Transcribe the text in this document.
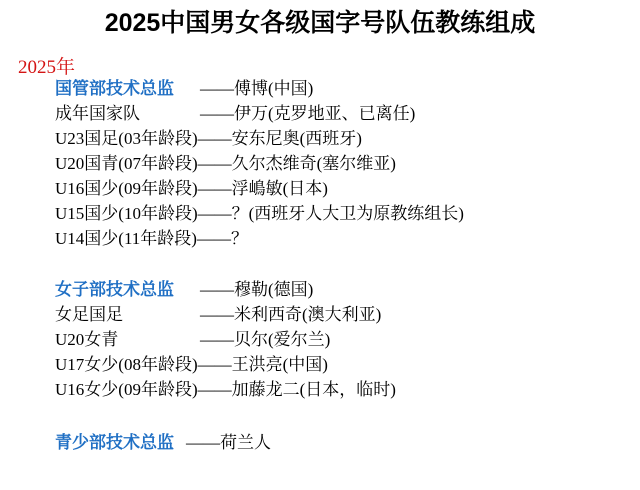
2025中国男女各级国字号队伍教练组成
2025年
国管部技术总监	—— 傅博(中国)
成年国家队	—— 伊万(克罗地亚、已离任)
U23国足(03年龄段) —— 安东尼奥(西班牙)
U20国青(07年龄段) —— 久尔杰维奇(塞尔维亚)
U16国少(09年龄段) —— 浮嶋敏(日本)
U15国少(10年龄段) —— ？(西班牙人大卫为原教练组长)
U14国少(11年龄段) —— ？
女子部技术总监	—— 穆勒(德国)
女足国足	—— 米利西奇(澳大利亚)
U20女青	—— 贝尔(爱尔兰)
U17女少(08年龄段) —— 王洪亮(中国)
U16女少(09年龄段) —— 加藤龙二(日本，临时)
青少部技术总监 —— 荷兰人
